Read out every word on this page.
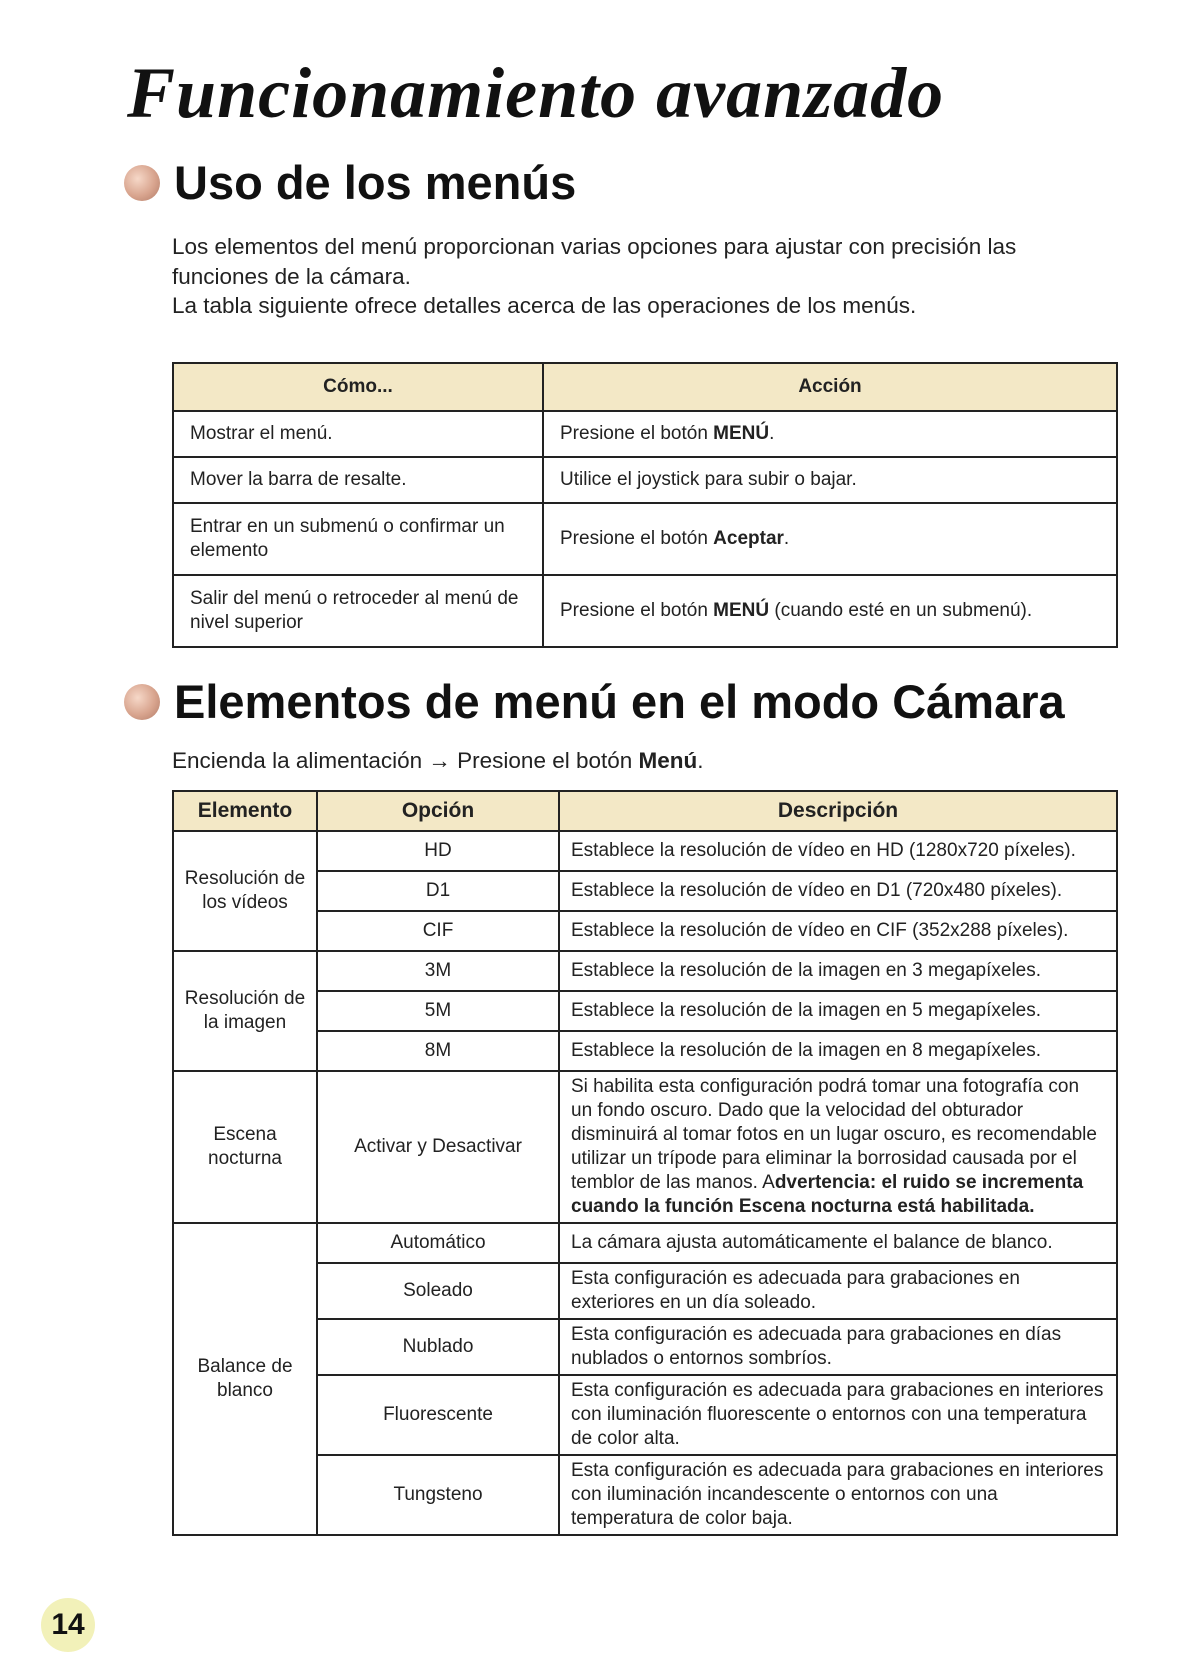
Funcionamiento avanzado
Uso de los menús

Los elementos del menú proporcionan varias opciones para ajustar con precisión las funciones de la cámara.

La tabla siguiente ofrece detalles acerca de las operaciones de los menús.

Cómo...	Acción
Mostrar el menú.	Presione el botón MENÚ.
Mover la barra de resalte.	Utilice el joystick para subir o bajar.
Entrar en un submenú o confirmar un elemento	Presione el botón Aceptar.
Salir del menú o retroceder al menú de nivel superior	Presione el botón MENÚ (cuando esté en un submenú).
Elementos de menú en el modo Cámara
Encienda la alimentación → Presione el botón Menú.
Elemento	Opción	Descripción
Resolución de los vídeos	HD	Establece la resolución de vídeo en HD (1280x720 píxeles).
	D1	Establece la resolución de vídeo en D1 (720x480 píxeles).
	CIF	Establece la resolución de vídeo en CIF (352x288 píxeles).
Resolución de la imagen	3M	Establece la resolución de la imagen en 3 megapíxeles.
	5M	Establece la resolución de la imagen en 5 megapíxeles.
	8M	Establece la resolución de la imagen en 8 megapíxeles.
Escena nocturna	Activar y Desactivar	Si habilita esta configuración podrá tomar una fotografía con un fondo oscuro. Dado que la velocidad del obturador disminuirá al tomar fotos en un lugar oscuro, es recomendable utilizar un trípode para eliminar la borrosidad causada por el temblor de las manos. Advertencia: el ruido se incrementa cuando la función Escena nocturna está habilitada.
Balance de blanco	Automático	La cámara ajusta automáticamente el balance de blanco.
	Soleado	Esta configuración es adecuada para grabaciones en exteriores en un día soleado.
	Nublado	Esta configuración es adecuada para grabaciones en días nublados o entornos sombríos.
	Fluorescente	Esta configuración es adecuada para grabaciones en interiores con iluminación fluorescente o entornos con una temperatura de color alta.
	Tungsteno	Esta configuración es adecuada para grabaciones en interiores con iluminación incandescente o entornos con una temperatura de color baja.
14
